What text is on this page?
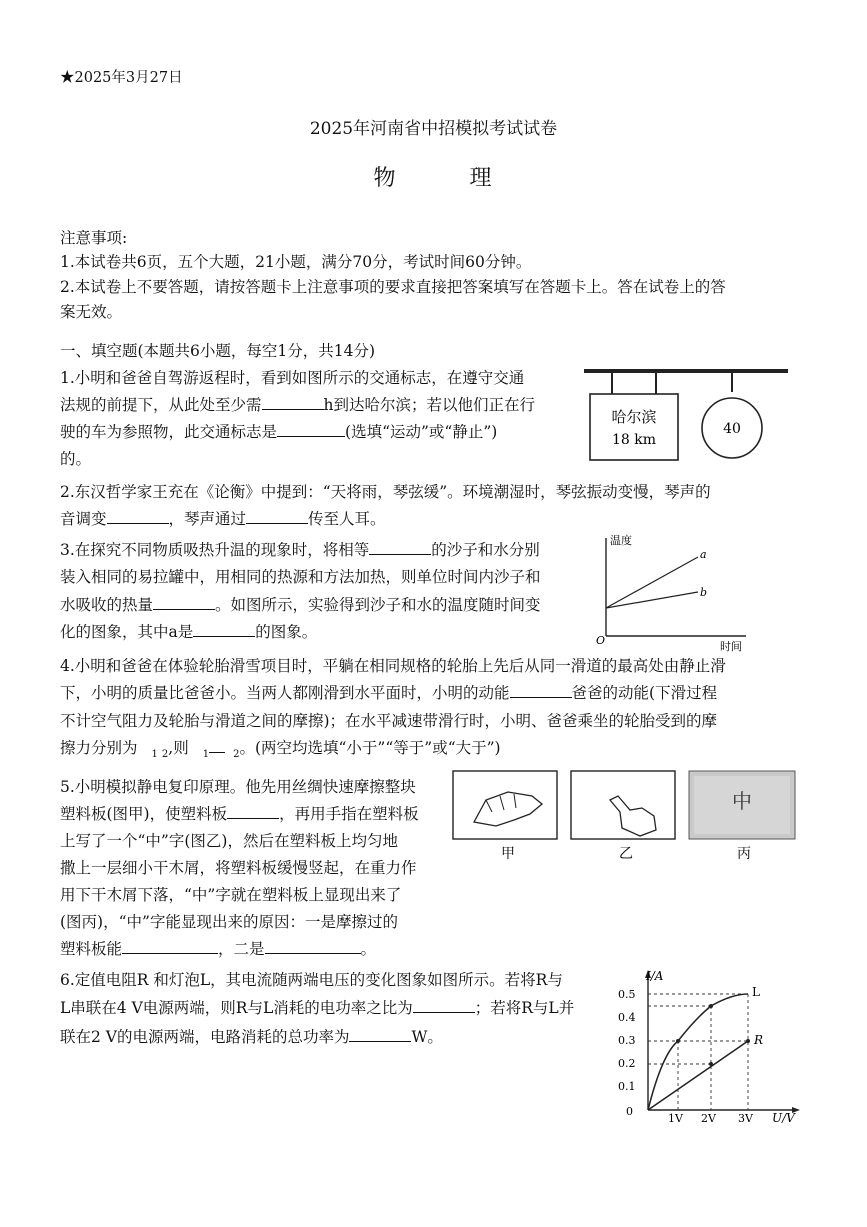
★2025年3月27日
2025年河南省中招模拟考试试卷
物　　　理
注意事项:
1.本试卷共6页，五个大题，21小题，满分70分，考试时间60分钟。
2.本试卷上不要答题，请按答题卡上注意事项的要求直接把答案填写在答题卡上。答在试卷上的答
案无效。
一、填空题(本题共6小题，每空1分，共14分)
1.小明和爸爸自驾游返程时，看到如图所示的交通标志，在遵守交通
法规的前提下，从此处至少需	h到达哈尔滨；若以他们正在行
驶的车为参照物，此交通标志是	(选填“运动”或“静止”)
的。
哈尔滨
18 km
40
2.东汉哲学家王充在《论衡》中提到：“天将雨，琴弦缓”。环境潮湿时，琴弦振动变慢，琴声的
音调变	，琴声通过	传至人耳。
3.在探究不同物质吸热升温的现象时，将相等	的沙子和水分别
装入相同的易拉罐中，用相同的热源和方法加热，则单位时间内沙子和
水吸收的热量	。如图所示，实验得到沙子和水的温度随时间变
化的图象，其中a是	的图象。
温度
时间
O
a
b
4.小明和爸爸在体验轮胎滑雪项目时，平躺在相同规格的轮胎上先后从同一滑道的最高处由静止滑
下，小明的质量比爸爸小。当两人都刚滑到水平面时，小明的动能	爸爸的动能(下滑过程
不计空气阻力及轮胎与滑道之间的摩擦)；在水平减速带滑行时，小明、爸爸乘坐的轮胎受到的摩
擦力分别为 $_1$ $_2$,则 $_1$ $_2$。(两空均选填“小于”“等于”或“大于”)
5.小明模拟静电复印原理。他先用丝绸快速摩擦整块
塑料板(图甲)，使塑料板	，再用手指在塑料板
上写了一个“中”字(图乙)，然后在塑料板上均匀地
撒上一层细小干木屑，将塑料板缓慢竖起，在重力作
用下干木屑下落，“中”字就在塑料板上显现出来了
(图丙)，“中”字能显现出来的原因：一是摩擦过的
塑料板能	，二是	。
甲	乙
中
丙
6.定值电阻R 和灯泡L，其电流随两端电压的变化图象如图所示。若将R与
L串联在4 V电源两端，则R与L消耗的电功率之比为	；若将R与L并
联在2 V的电源两端，电路消耗的总功率为	W。
I/A
U/V
0.5
0.4
0.3
0.2
0.1
0
1V 2V 3V
L
R
